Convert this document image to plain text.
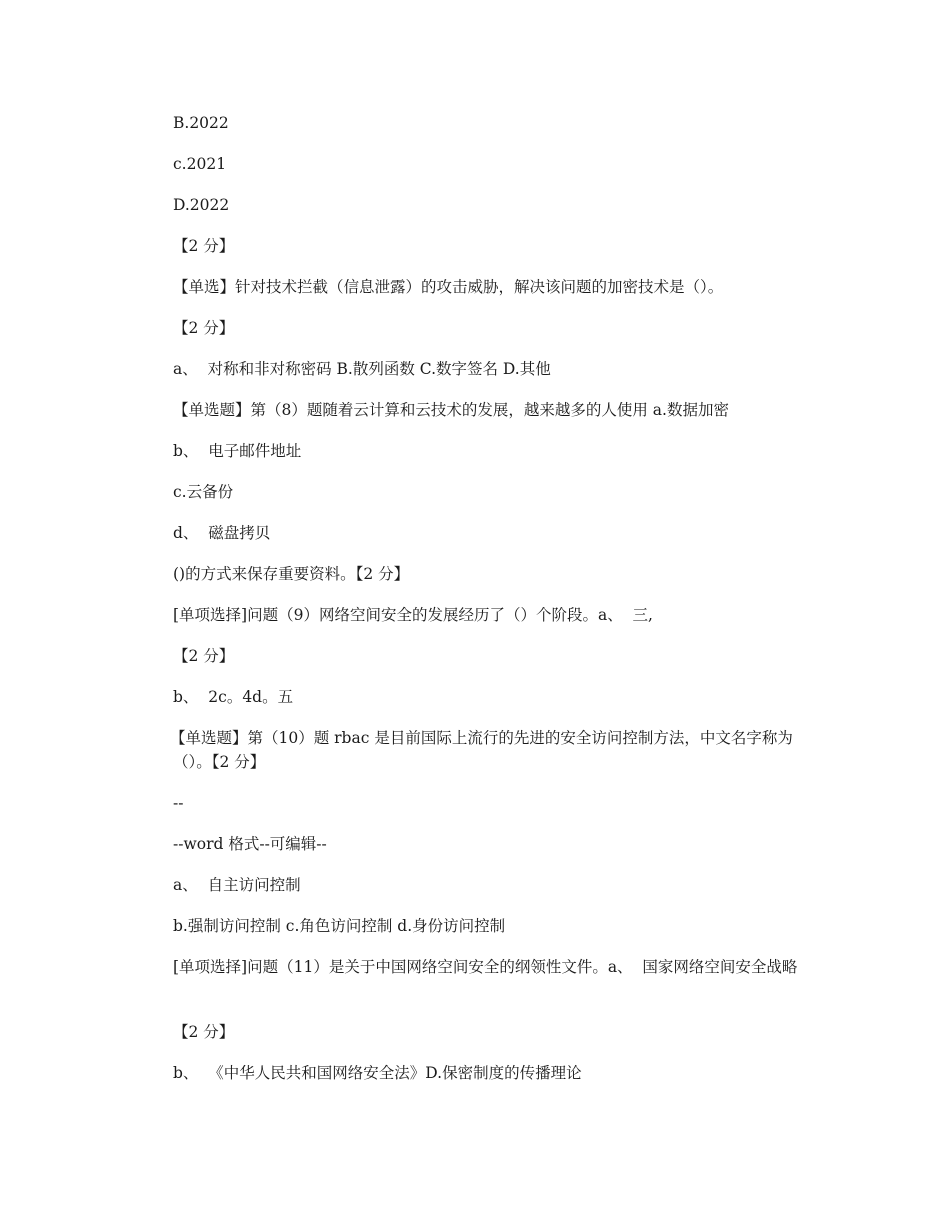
B.2022

c.2021

D.2022

【2 分】

【单选】针对技术拦截（信息泄露）的攻击威胁，解决该问题的加密技术是（）。

【2 分】

a、  对称和非对称密码 B.散列函数 C.数字签名 D.其他

【单选题】第（8）题随着云计算和云技术的发展，越来越多的人使用 a.数据加密

b、  电子邮件地址

c.云备份

d、  磁盘拷贝

()的方式来保存重要资料。【2 分】

[单项选择]问题（9）网络空间安全的发展经历了（）个阶段。a、  三,

【2 分】

b、  2c。4d。五

【单选题】第（10）题 rbac 是目前国际上流行的先进的安全访问控制方法，中文名字称为（）。【2 分】

--

--word 格式--可编辑--

a、  自主访问控制

b.强制访问控制 c.角色访问控制 d.身份访问控制

[单项选择]问题（11）是关于中国网络空间安全的纲领性文件。a、  国家网络空间安全战略

【2 分】

b、  《中华人民共和国网络安全法》D.保密制度的传播理论
